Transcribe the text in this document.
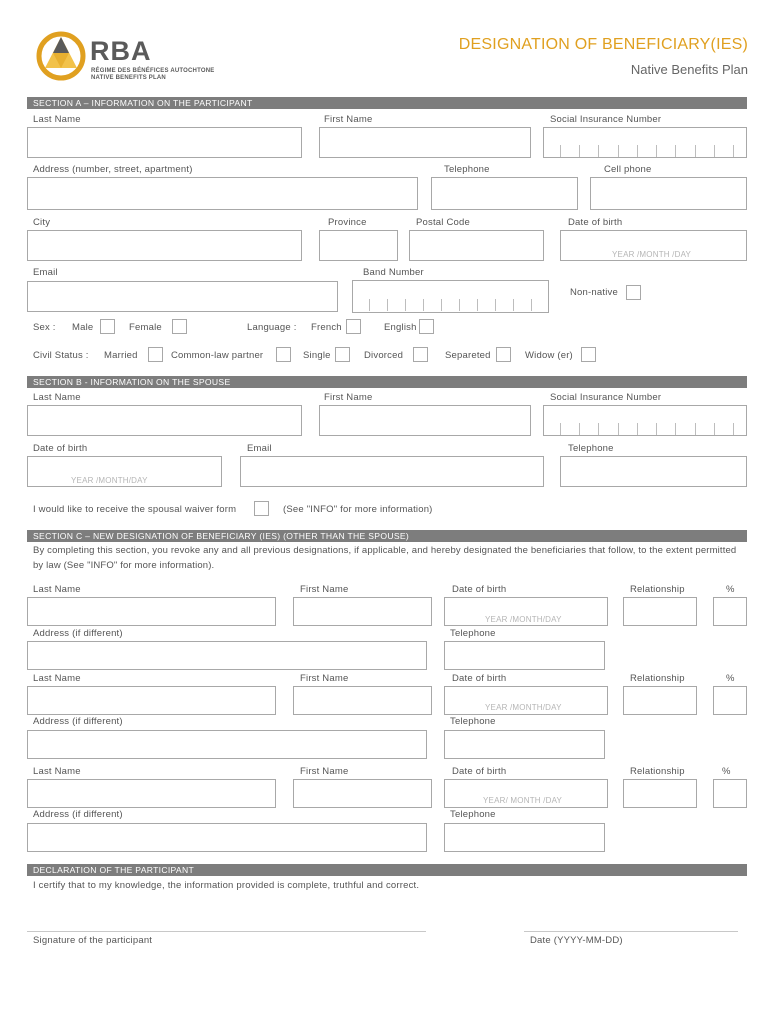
RBA
RÉGIME DES BÉNÉFICES AUTOCHTONE
NATIVE BENEFITS PLAN
DESIGNATION OF BENEFICIARY(IES)
Native Benefits Plan
SECTION A – INFORMATION ON THE PARTICIPANT
Last Name	First Name	Social Insurance Number
Address (number, street, apartment)	Telephone	Cell phone
City	Province	Postal Code	Date of birth
YEAR /MONTH /DAY
Email	Band Number
Non-native
Sex : Male	Female	Language : French	English
Civil Status : Married	Common-law partner	Single	Divorced	Separeted	Widow (er)
SECTION B - INFORMATION ON THE SPOUSE
Last Name	First Name	Social Insurance Number
Date of birth	Email	Telephone
YEAR /MONTH/DAY
I would like to receive the spousal waiver form	(See "INFO" for more information)
SECTION C – NEW DESIGNATION OF BENEFICIARY (IES) (OTHER THAN THE SPOUSE)
By completing this section, you revoke any and all previous designations, if applicable, and hereby designated the beneficiaries that follow, to the extent permitted by law (See "INFO" for more information).
Last Name	First Name	Date of birth	Relationship	%
YEAR /MONTH/DAY
Address (if different)	Telephone
Last Name	First Name	Date of birth	Relationship	%
YEAR /MONTH/DAY
Address (if different)	Telephone
Last Name	First Name	Date of birth	Relationship	%
YEAR/ MONTH /DAY
Address (if different)	Telephone
DECLARATION OF THE PARTICIPANT
I certify that to my knowledge, the information provided is complete, truthful and correct.
Signature of the participant	Date (YYYY-MM-DD)
